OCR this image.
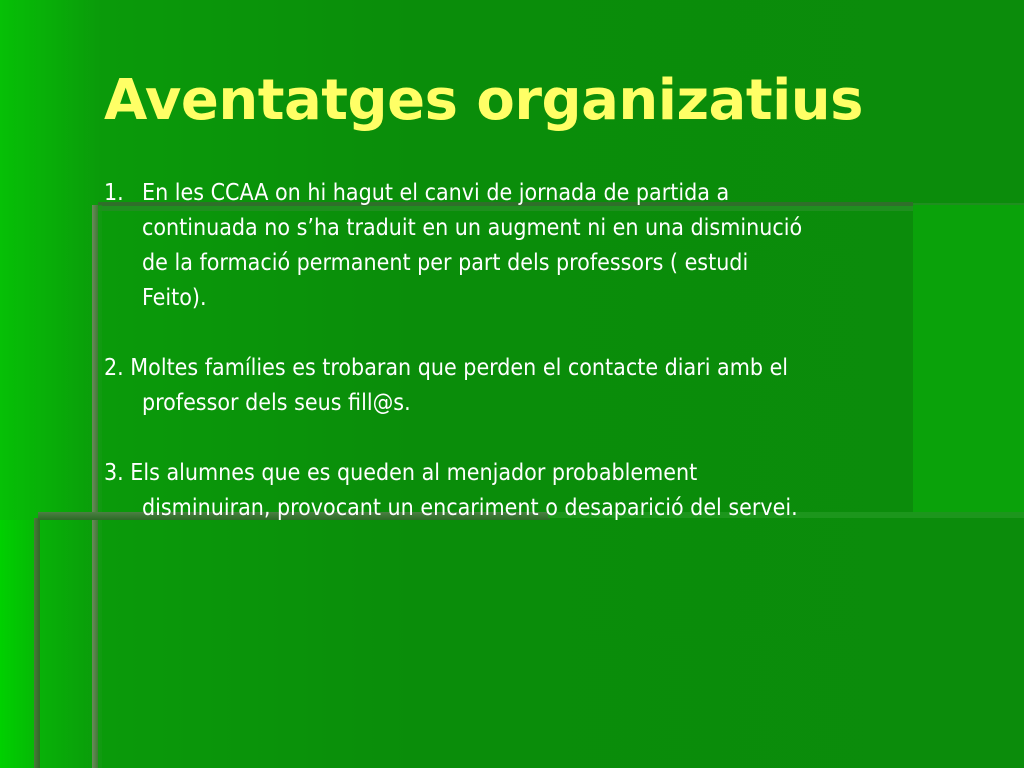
Aventatges organizatius
1. En les CCAA on hi hagut el canvi de jornada de partida a
continuada no s’ha traduit en un augment ni en una disminució
de la formació permanent per part dels professors ( estudi
Feito).
2. Moltes famílies es trobaran que perden el contacte diari amb el
professor dels seus fill@s.
3. Els alumnes que es queden al menjador probablement
disminuiran, provocant un encariment o desaparició del servei.
